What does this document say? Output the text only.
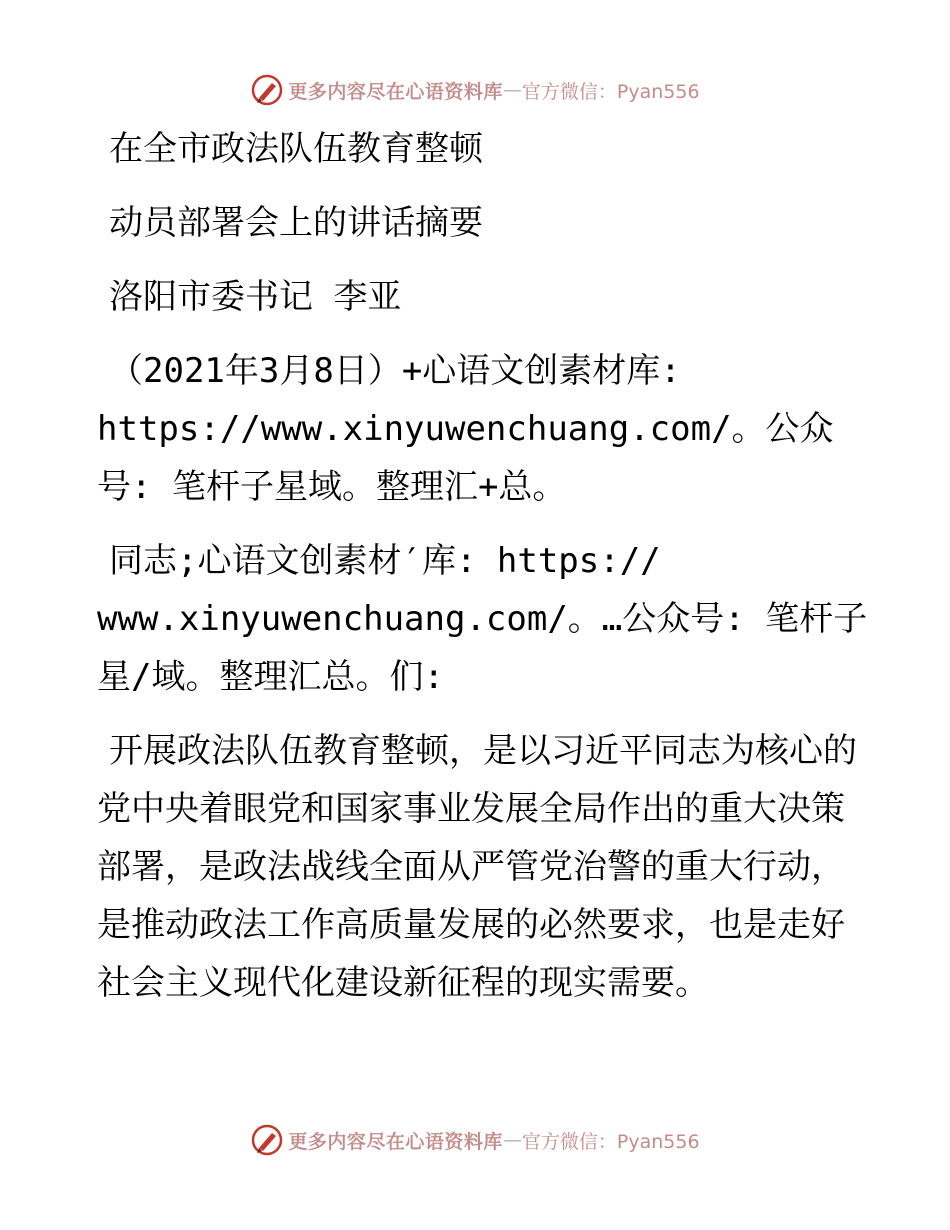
更多内容尽在心语资料库 — 官方微信：Pyan556
在全市政法队伍教育整顿
动员部署会上的讲话摘要
洛阳市委书记 李亚
（2021年3月8日）+心语文创素材库:
https://www.xinyuwenchuang.com/。公众号: 笔杆子星域。整理汇+总。
同志;心语文创素材′库: https://
www.xinyuwenchuang.com/。…公众号: 笔杆子星/域。整理汇总。们:
开展政法队伍教育整顿，是以习近平同志为核心的党中央着眼党和国家事业发展全局作出的重大决策部署，是政法战线全面从严管党治警的重大行动，是推动政法工作高质量发展的必然要求，也是走好社会主义现代化建设新征程的现实需要。
更多内容尽在心语资料库 — 官方微信：Pyan556
